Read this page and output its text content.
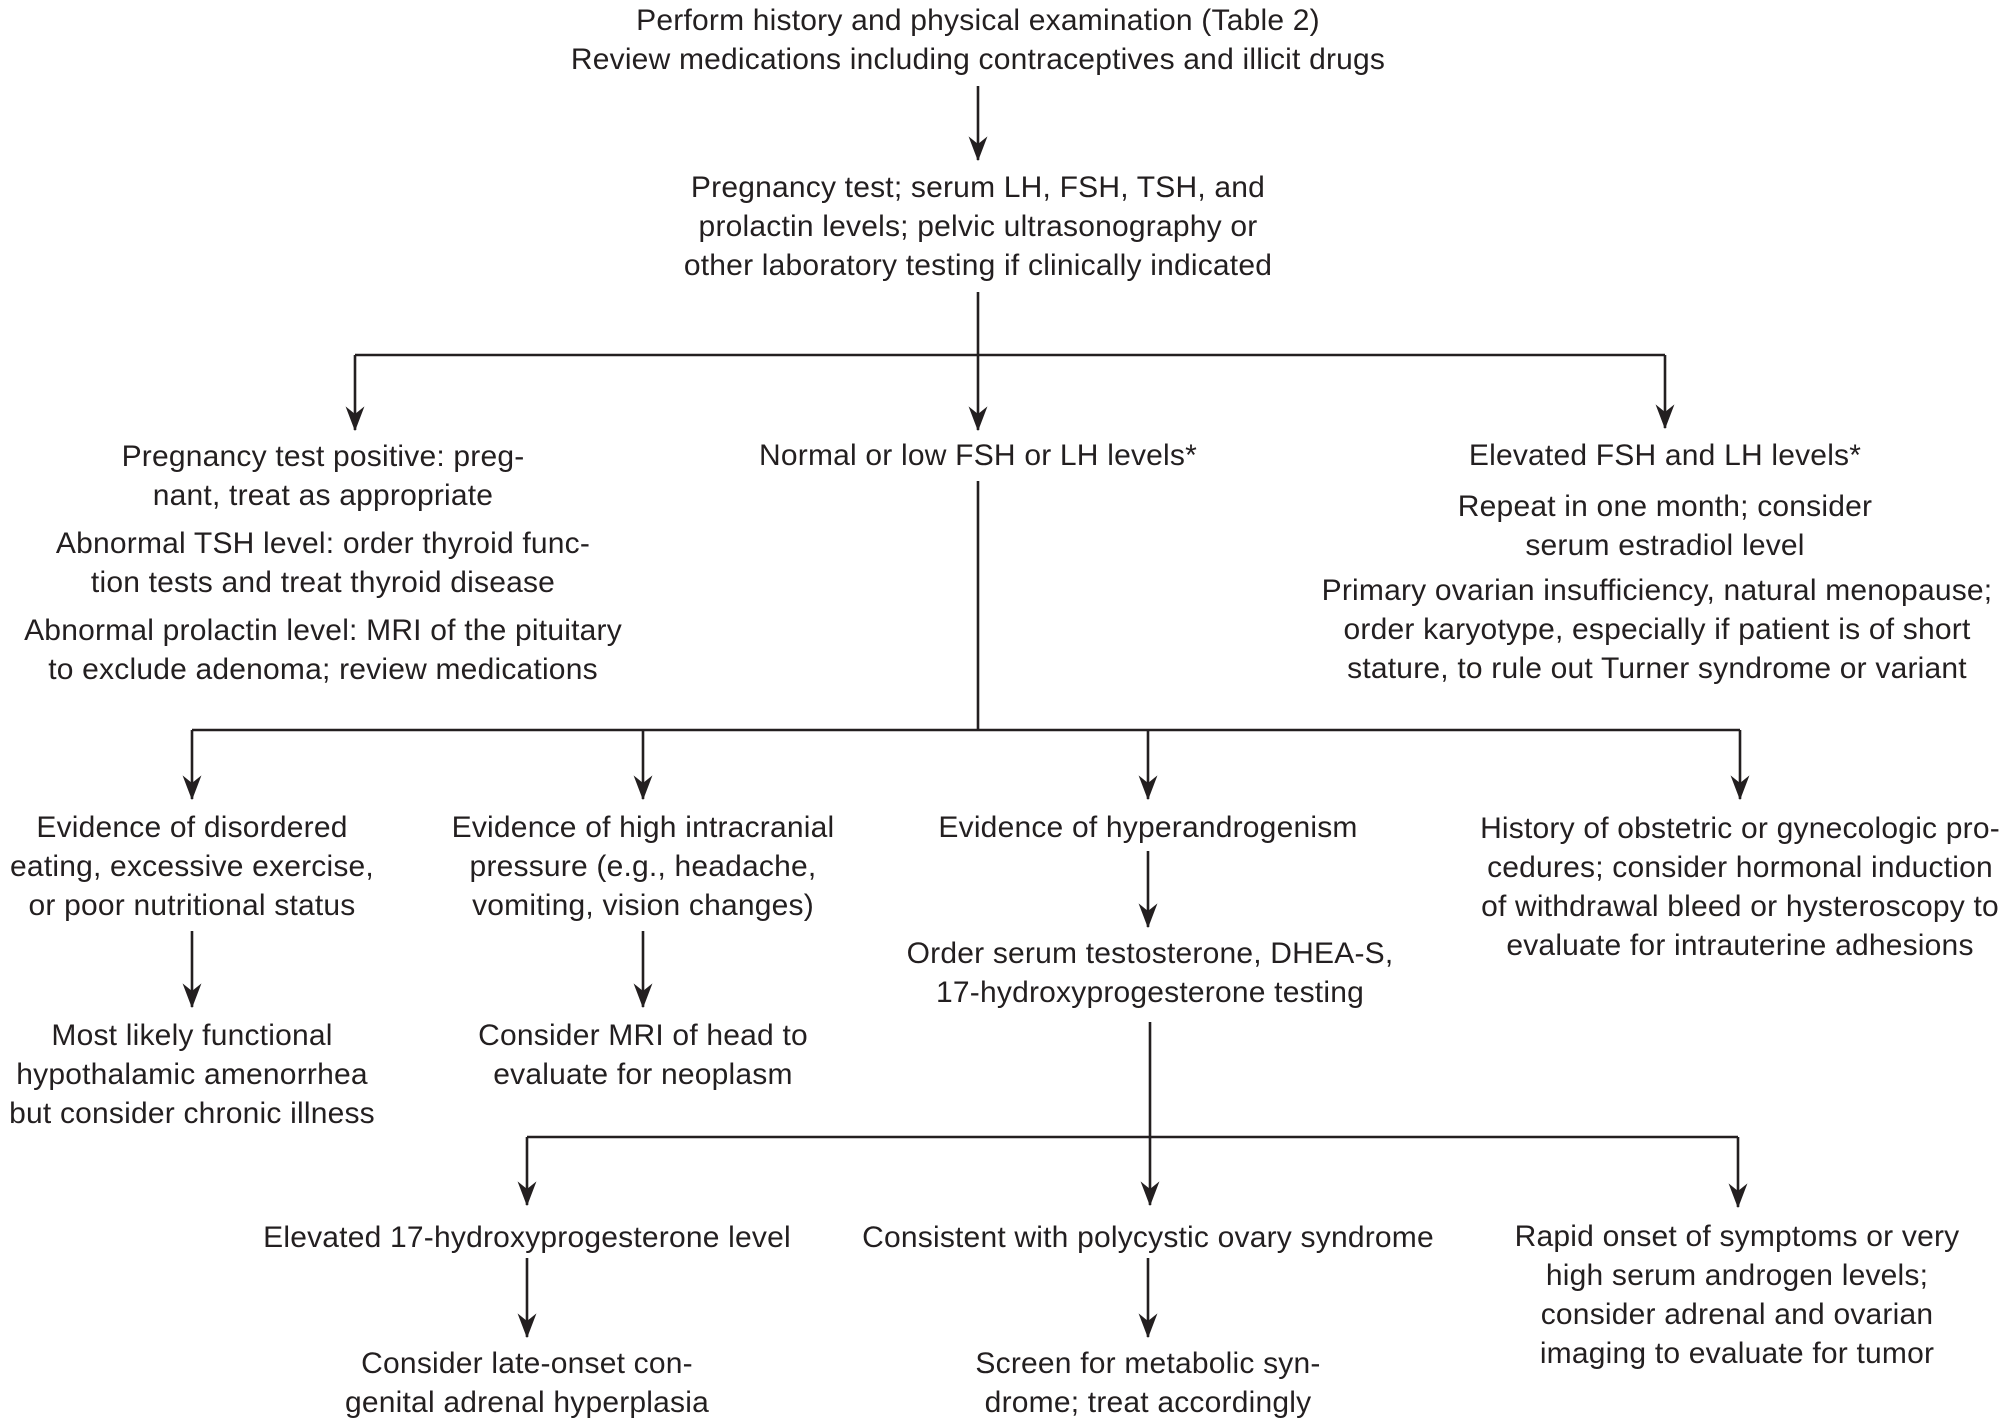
Perform history and physical examination (Table 2)
Review medications including contraceptives and illicit drugs
Pregnancy test; serum LH, FSH, TSH, and
prolactin levels; pelvic ultrasonography or
other laboratory testing if clinically indicated
Pregnancy test positive: preg-
nant, treat as appropriate
Abnormal TSH level: order thyroid func-
tion tests and treat thyroid disease
Abnormal prolactin level: MRI of the pituitary
to exclude adenoma; review medications
Normal or low FSH or LH levels*	Elevated FSH and LH levels*
Repeat in one month; consider
serum estradiol level
Primary ovarian insufficiency, natural menopause;
order karyotype, especially if patient is of short
stature, to rule out Turner syndrome or variant
Evidence of disordered
eating, excessive exercise,
or poor nutritional status
Evidence of high intracranial
pressure (e.g., headache,
vomiting, vision changes)
Evidence of hyperandrogenism	History of obstetric or gynecologic pro-
cedures; consider hormonal induction
of withdrawal bleed or hysteroscopy to
evaluate for intrauterine adhesions
Most likely functional
hypothalamic amenorrhea
but consider chronic illness
Consider MRI of head to
evaluate for neoplasm
Order serum testosterone, DHEA-S,
17-hydroxyprogesterone testing
Elevated 17-hydroxyprogesterone level Consistent with polycystic ovary syndrome	Rapid onset of symptoms or very
high serum androgen levels;
consider adrenal and ovarian
imaging to evaluate for tumor
Consider late-onset con-
genital adrenal hyperplasia
Screen for metabolic syn-
drome; treat accordingly
